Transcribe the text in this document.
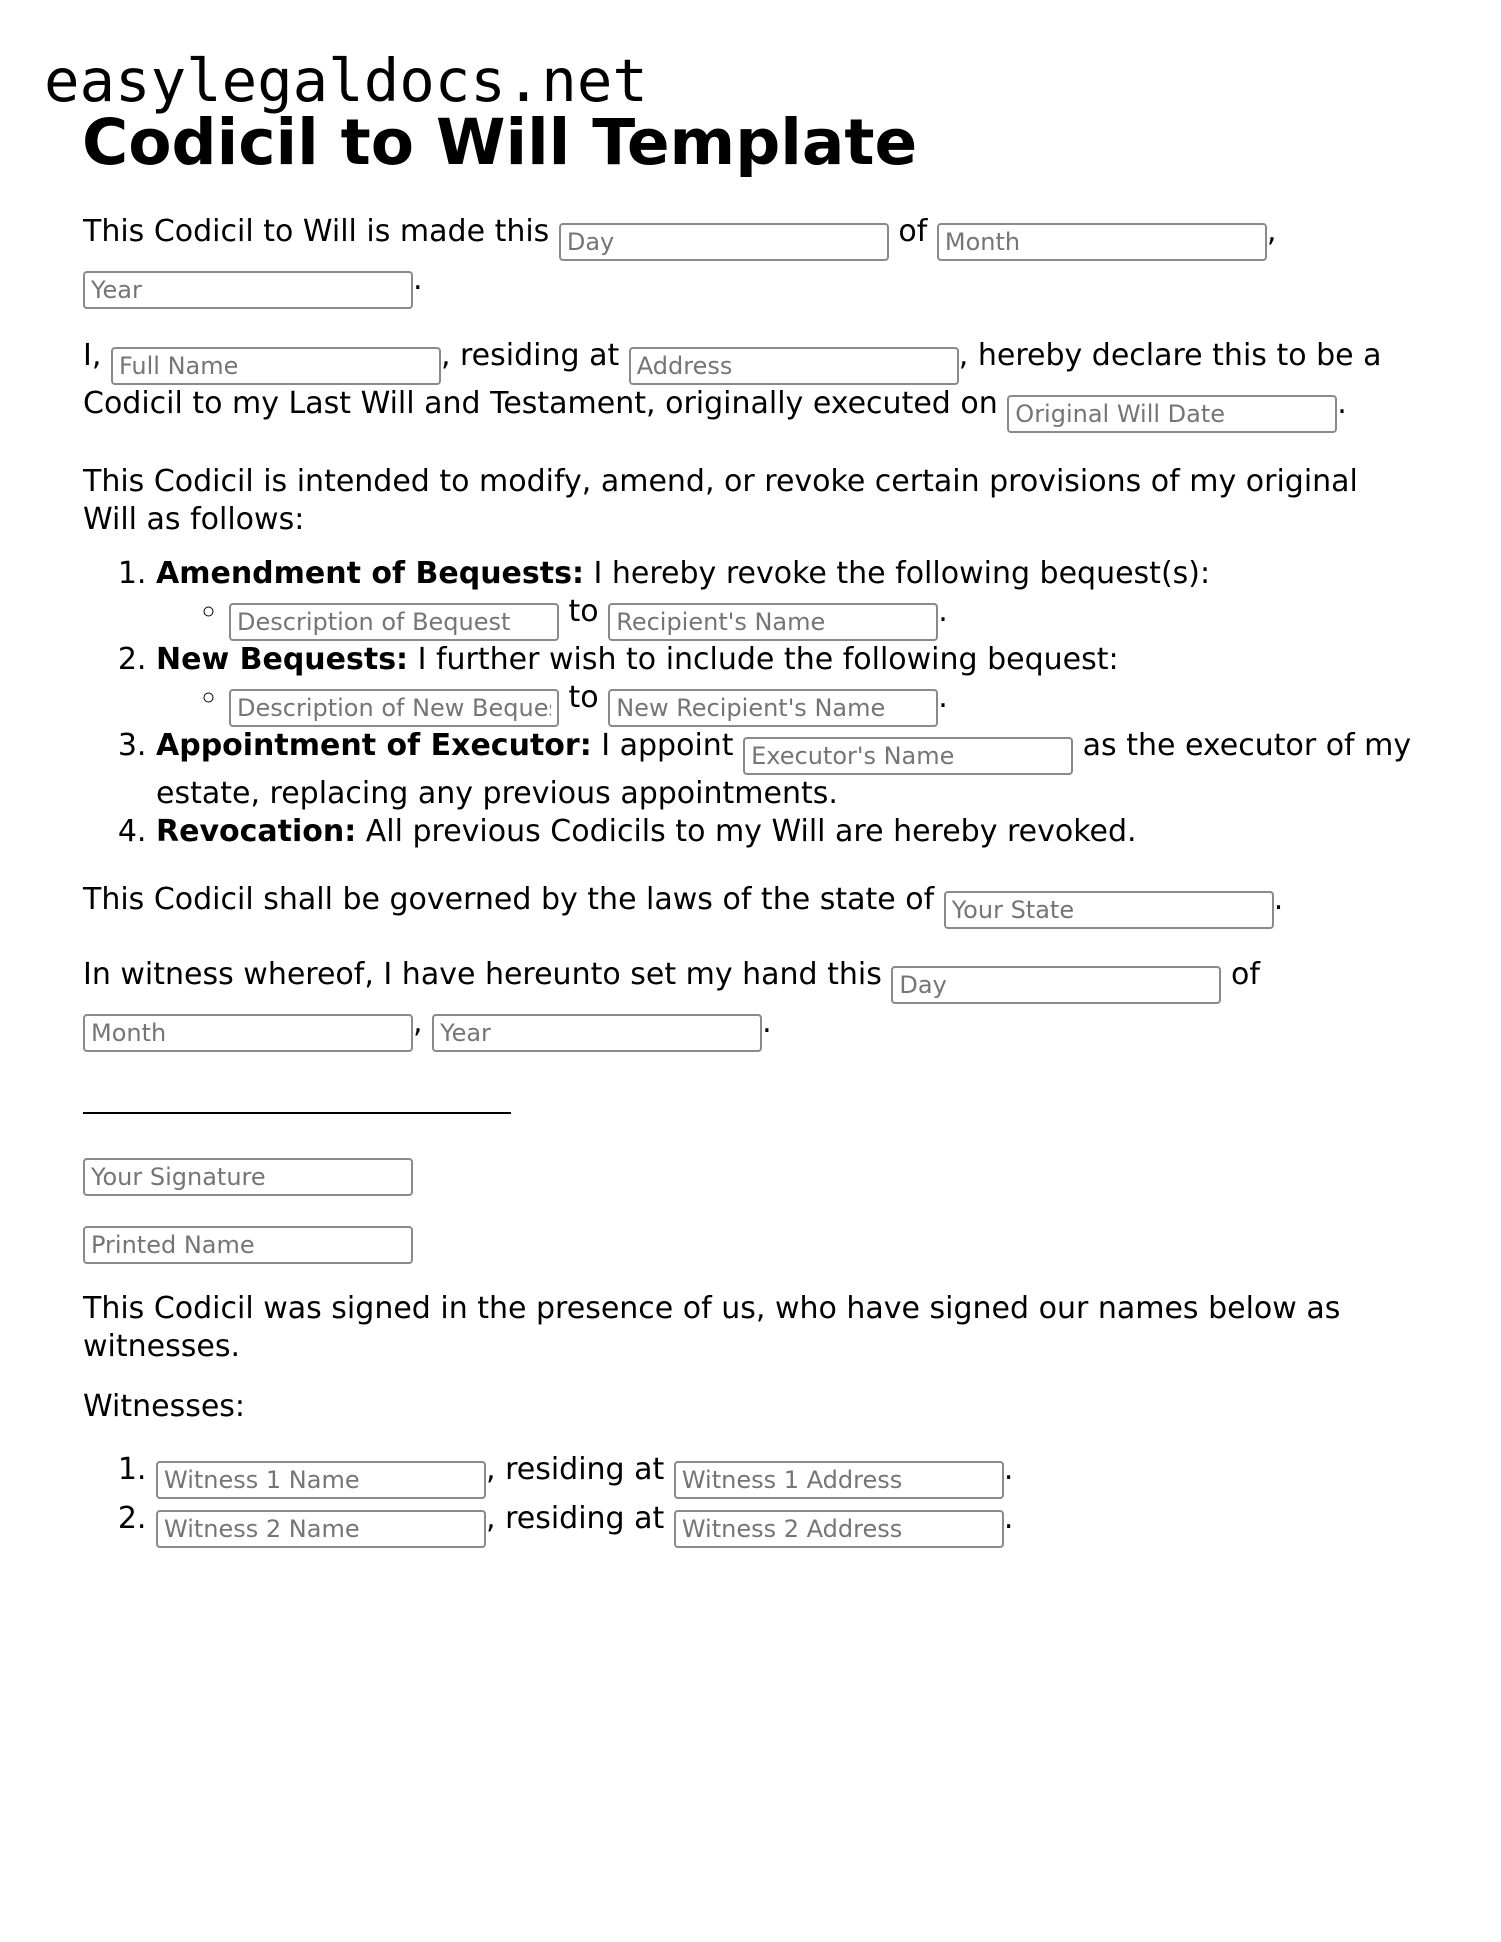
easylegaldocs.net
Codicil to Will Template

This Codicil to Will is made this Day	of Month	, Year.

I, Full Name	, residing at Address	, hereby declare this to be a Codicil to my Last Will and Testament, originally executed on Original Will Date	.

This Codicil is intended to modify, amend, or revoke certain provisions of my original Will as follows:

1. Amendment of Bequests: I hereby revoke the following bequest(s):
Description of Bequest ◦ to Recipient's Name	.
2. New Bequests: I further wish to include the following bequest:
Description of New Bequest ◦ to New Recipient's Name	.
3. Appointment of Executor: I appoint Executor's Name	as the executor of my estate, replacing any previous appointments.
4. Revocation: All previous Codicils to my Will are hereby revoked.

This Codicil shall be governed by the laws of the state of Your State	.

In witness whereof, I have hereunto set my hand this Day	of Month, Year	.

Your Signature
Printed Name

This Codicil was signed in the presence of us, who have signed our names below as witnesses.

Witnesses:

Witness 1 Name 1. , residing at Witness 1 Address	.
Witness 2 Name 2. , residing at Witness 2 Address	.
